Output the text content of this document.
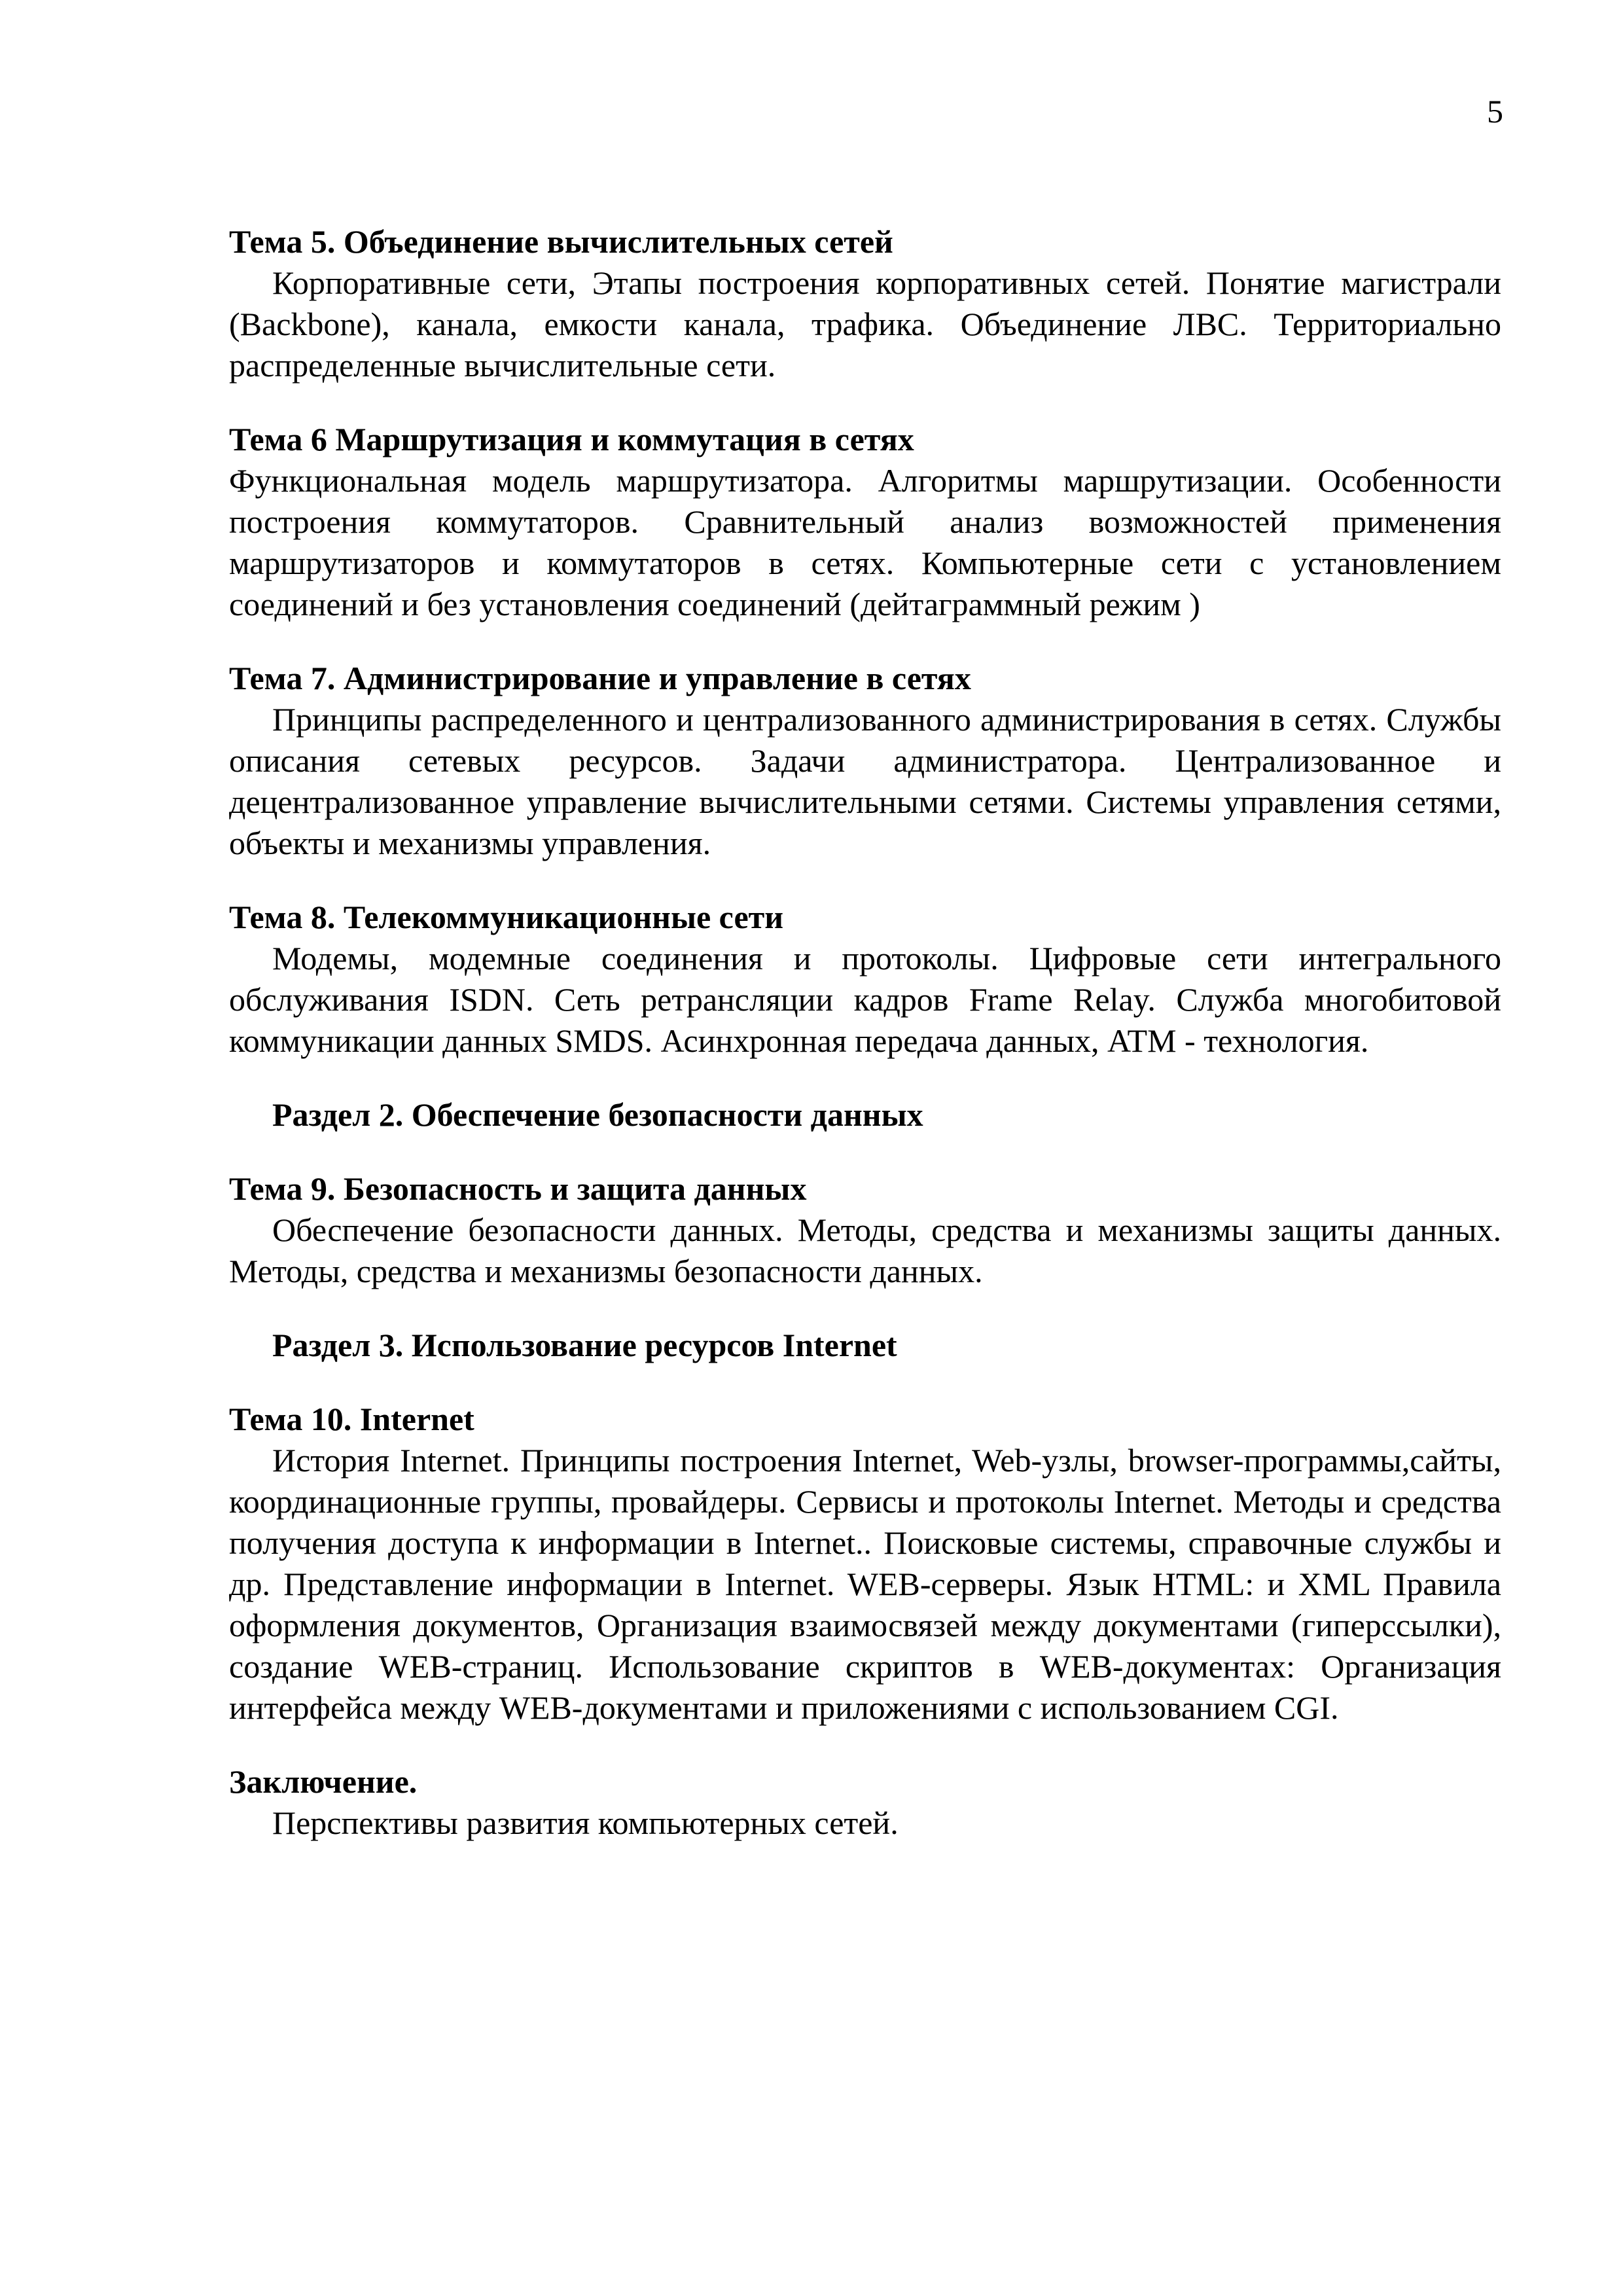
5
Тема 5. Объединение вычислительных сетей

Корпоративные сети, Этапы построения корпоративных сетей. Понятие магистрали (Backbone), канала, емкости канала, трафика. Объединение ЛВС. Территориально распределенные вычислительные сети.

Тема 6 Маршрутизация и коммутация в сетях

Функциональная модель маршрутизатора. Алгоритмы маршрутизации. Особенности построения коммутаторов. Сравнительный анализ возможностей применения маршрутизаторов и коммутаторов в сетях. Компьютерные сети с установлением соединений и без установления соединений (дейтаграммный режим )

Тема 7. Администрирование и управление в сетях

Принципы распределенного и централизованного администрирования в сетях. Службы описания сетевых ресурсов. Задачи администратора. Централизованное и децентрализованное управление вычислительными сетями. Системы управления сетями, объекты и механизмы управления.

Тема 8. Телекоммуникационные сети

Модемы, модемные соединения и протоколы. Цифровые сети интегрального обслуживания ISDN. Сеть ретрансляции кадров Frame Relay. Служба многобитовой коммуникации данных SMDS. Асинхронная передача данных, ATM - технология.

Раздел 2. Обеспечение безопасности данных
Тема 9. Безопасность и защита данных

Обеспечение безопасности данных. Методы, средства и механизмы защиты данных. Методы, средства и механизмы безопасности данных.

Раздел 3. Использование ресурсов Internet
Тема 10. Internet

История Internet. Принципы построения Internet, Web-узлы, browser-программы,сайты, координационные группы, провайдеры. Сервисы и протоколы Internet. Методы и средства получения доступа к информации в Internet.. Поисковые системы, справочные службы и др. Представление информации в Internet. WEB-серверы. Язык HTML: и XML Правила оформления документов, Организация взаимосвязей между документами (гиперссылки), создание WEB-страниц. Использование скриптов в WEB-документах: Организация интерфейса между WEB-документами и приложениями с использованием CGI.

Заключение.

Перспективы развития компьютерных сетей.
